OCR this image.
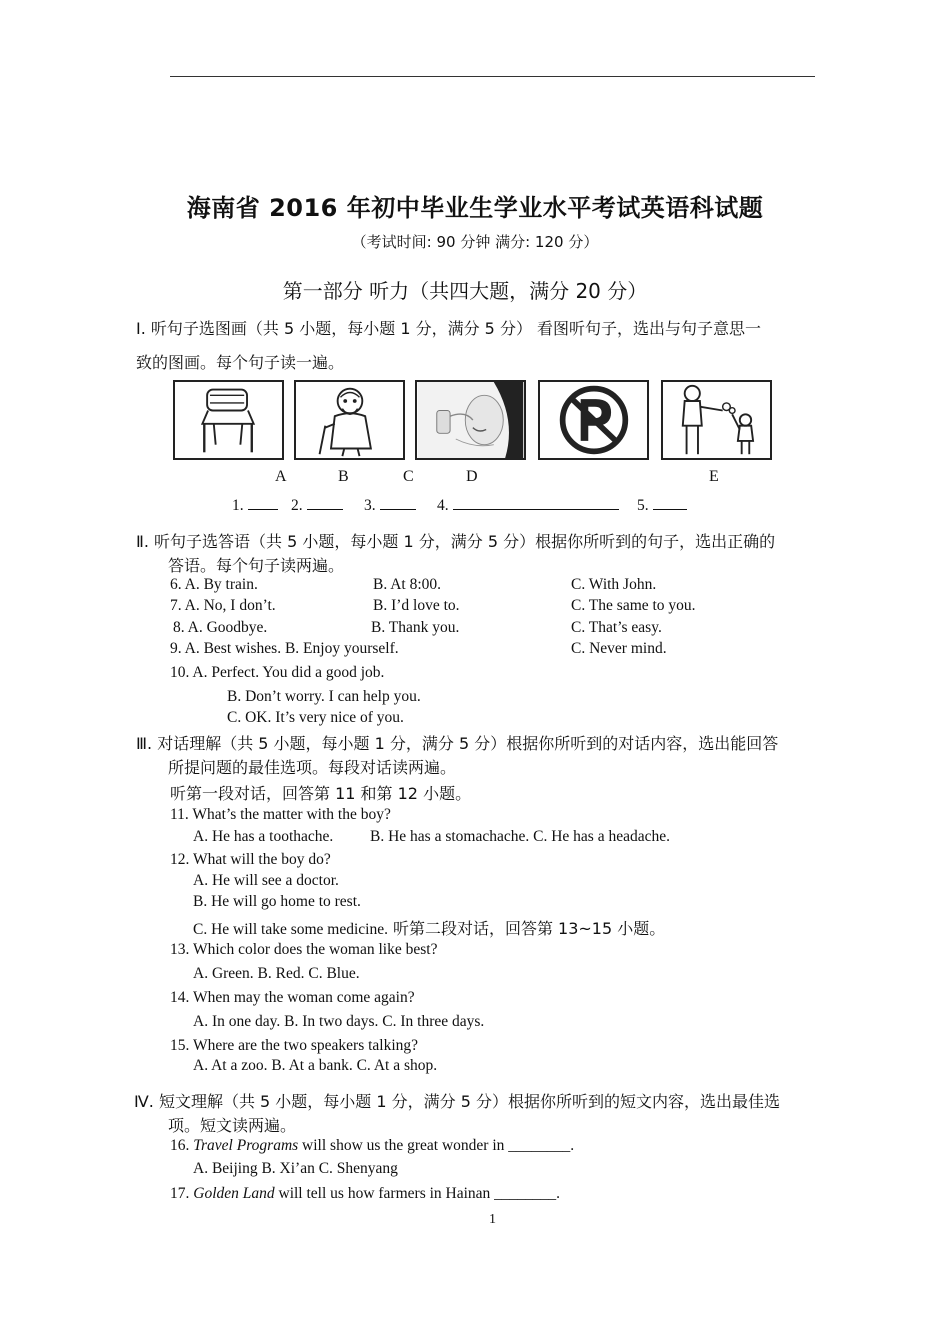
海南省 2016 年初中毕业生学业水平考试英语科试题
（考试时间: 90 分钟 满分: 120 分）
第一部分 听力（共四大题，满分 20 分）
Ⅰ. 听句子选图画（共 5 小题，每小题 1 分，满分 5 分） 看图听句子，选出与句子意思一
致的图画。每个句子读一遍。
A	B	C	D	E
1.	2.	3.	4.	5.
Ⅱ. 听句子选答语（共 5 小题，每小题 1 分，满分 5 分）根据你所听到的句子，选出正确的
答语。每个句子读两遍。
6. A. By train.	B. At 8:00.	C. With John.
7. A. No, I don’t.	B. I’d love to.	C. The same to you.
8. A. Goodbye.	B. Thank you.	C. That’s easy.
9. A. Best wishes. B. Enjoy yourself.	C. Never mind.
10. A. Perfect. You did a good job.
B. Don’t worry. I can help you.
C. OK. It’s very nice of you.
Ⅲ. 对话理解（共 5 小题，每小题 1 分，满分 5 分）根据你所听到的对话内容，选出能回答
所提问题的最佳选项。每段对话读两遍。
听第一段对话，回答第 11 和第 12 小题。
11. What’s the matter with the boy?
A. He has a toothache. B. He has a stomachache. C. He has a headache.
12. What will the boy do?
A. He will see a doctor.
B. He will go home to rest.
C. He will take some medicine. 听第二段对话，回答第 13~15 小题。
13. Which color does the woman like best?
A. Green. B. Red. C. Blue.
14. When may the woman come again?
A. In one day. B. In two days. C. In three days.
15. Where are the two speakers talking?
A. At a zoo. B. At a bank. C. At a shop.
Ⅳ. 短文理解（共 5 小题，每小题 1 分，满分 5 分）根据你所听到的短文内容，选出最佳选
项。短文读两遍。
16. Travel Programs will show us the great wonder in ________.
A. Beijing B. Xi’an C. Shenyang
17. Golden Land will tell us how farmers in Hainan ________.
1
